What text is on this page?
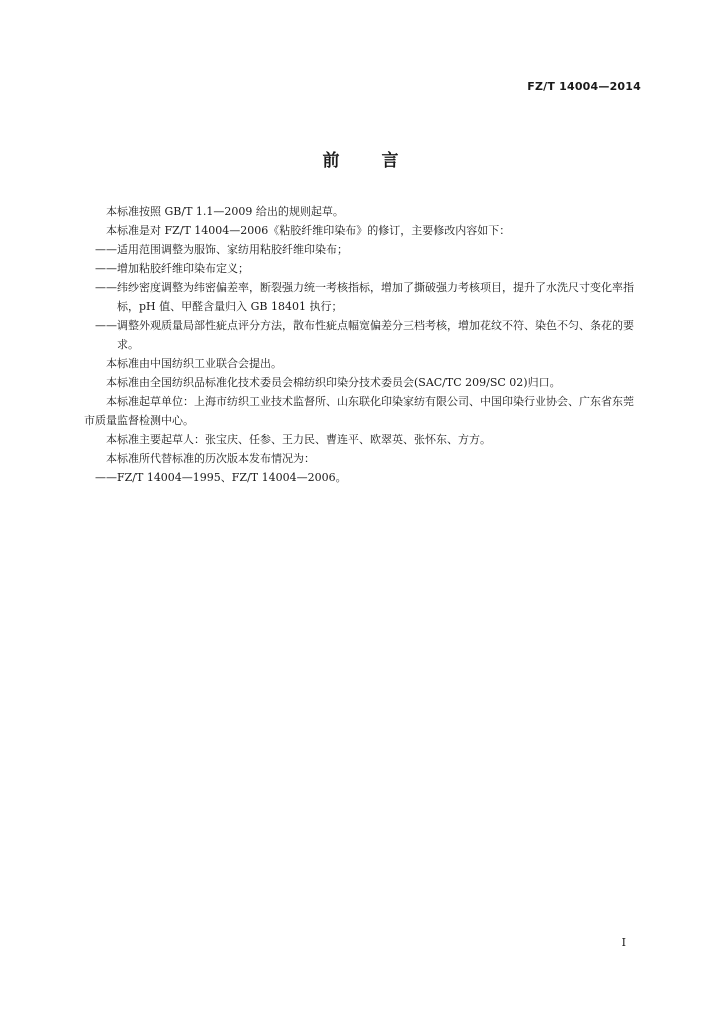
FZ/T 14004—2014
前言

本标准按照 GB/T 1.1—2009 给出的规则起草。

本标准是对 FZ/T 14004—2006《粘胶纤维印染布》的修订，主要修改内容如下：

——适用范围调整为服饰、家纺用粘胶纤维印染布；

——增加粘胶纤维印染布定义；

——纬纱密度调整为纬密偏差率，断裂强力统一考核指标，增加了撕破强力考核项目，提升了水洗尺寸变化率指标，pH 值、甲醛含量归入 GB 18401 执行；

——调整外观质量局部性疵点评分方法，散布性疵点幅宽偏差分三档考核，增加花纹不符、染色不匀、条花的要求。

本标准由中国纺织工业联合会提出。

本标准由全国纺织品标准化技术委员会棉纺织印染分技术委员会(SAC/TC 209/SC 02)归口。

本标准起草单位：上海市纺织工业技术监督所、山东联化印染家纺有限公司、中国印染行业协会、广东省东莞市质量监督检测中心。

本标准主要起草人：张宝庆、任参、王力民、曹连平、欧翠英、张怀东、方方。

本标准所代替标准的历次版本发布情况为：

——FZ/T 14004—1995、FZ/T 14004—2006。

I
